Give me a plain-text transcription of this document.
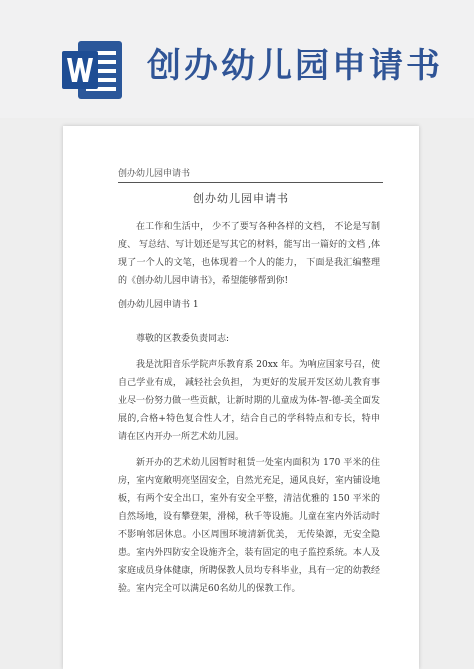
创办幼儿园申请书
创办幼儿园申请书
创办幼儿园申请书

在工作和生活中， 少不了要写各种各样的文档， 不论是写制度、 写总结、写计划还是写其它的材料，能写出一篇好的文档 ,体现了一个人的文笔，也体现着一个人的能力， 下面是我汇编整理的《创办幼儿园申请书》，希望能够帮到你!

创办幼儿园申请书 1

尊敬的区教委负责同志:

我是沈阳音乐学院声乐教育系 20xx 年。为响应国家号召，使自己学业有成， 减轻社会负担， 为更好的发展开发区幼儿教育事业尽一份努力做一些贡献，让新时期的儿童成为体-智-德-美全面发展的,合格+特色复合性人才，结合自己的学科特点和专长，特申请在区内开办一所艺术幼儿园。

新开办的艺术幼儿园暂时租赁一处室内面积为 170 平米的住房，室内宽敞明亮坚固安全，自然光充足，通风良好，室内铺设地板，有两个安全出口，室外有安全平整，清洁优雅的 150 平米的自然场地，设有攀登架，滑梯，秋千等设施。儿童在室内外活动时不影响邻居休息。小区周围环境清新优美， 无传染源，无安全隐患。室内外四防安全设施齐全，装有固定的电子监控系统。本人及家庭成员身体健康，所聘保教人员均专科毕业，具有一定的幼教经验。室内完全可以满足60名幼儿的保教工作。
